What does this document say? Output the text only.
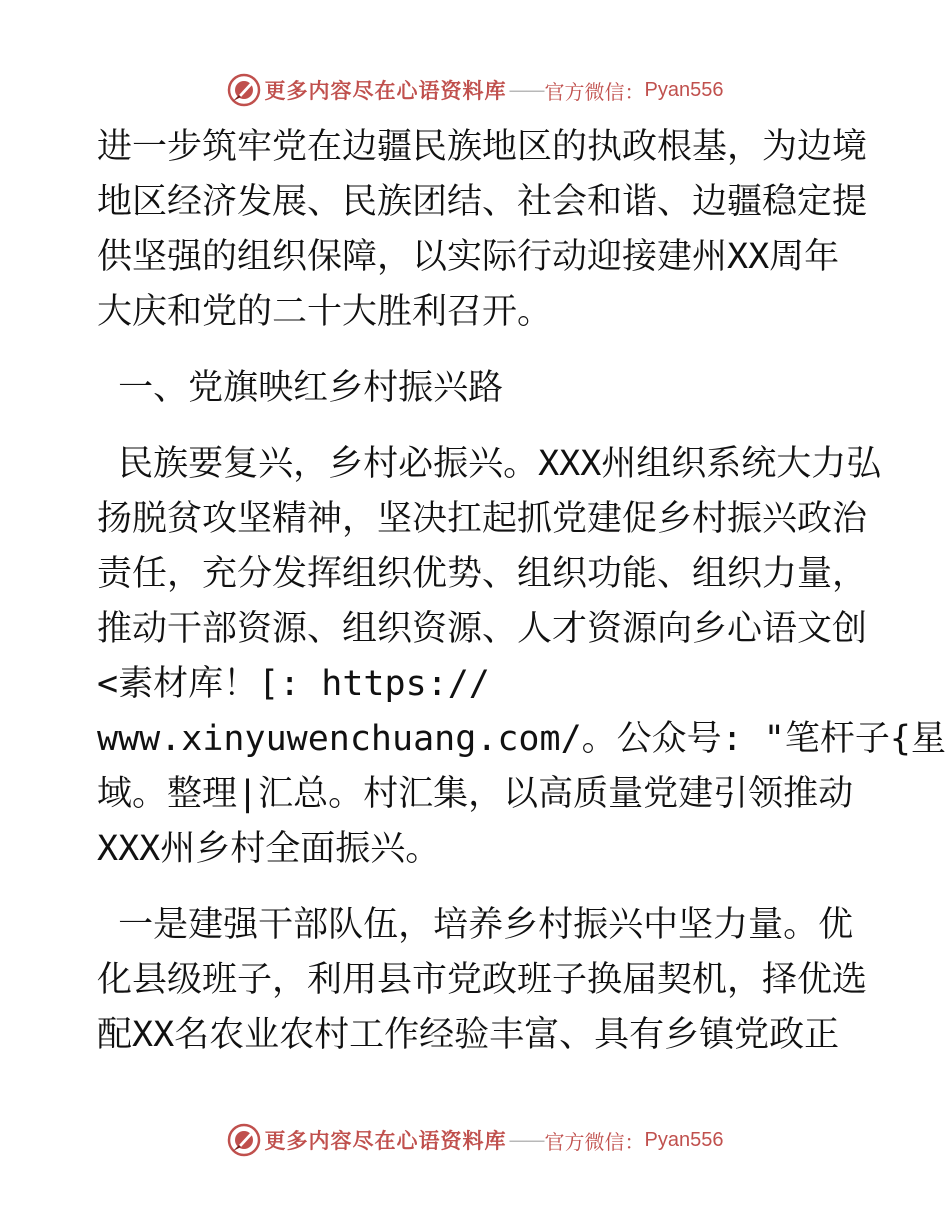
更多内容尽在心语资料库 —— 官方微信： Pyan556
进一步筑牢党在边疆民族地区的执政根基，为边境
地区经济发展、民族团结、社会和谐、边疆稳定提
供坚强的组织保障，以实际行动迎接建州XX周年
大庆和党的二十大胜利召开。
一、党旗映红乡村振兴路
民族要复兴，乡村必振兴。XXX州组织系统大力弘
扬脱贫攻坚精神，坚决扛起抓党建促乡村振兴政治
责任，充分发挥组织优势、组织功能、组织力量，
推动干部资源、组织资源、人才资源向乡心语文创
<素材库！[: https://
www.xinyuwenchuang.com/。公众号: "笔杆子{星
域。整理|汇总。村汇集，以高质量党建引领推动
XXX州乡村全面振兴。
一是建强干部队伍，培养乡村振兴中坚力量。优
化县级班子，利用县市党政班子换届契机，择优选
配XX名农业农村工作经验丰富、具有乡镇党政正
更多内容尽在心语资料库 —— 官方微信： Pyan556
